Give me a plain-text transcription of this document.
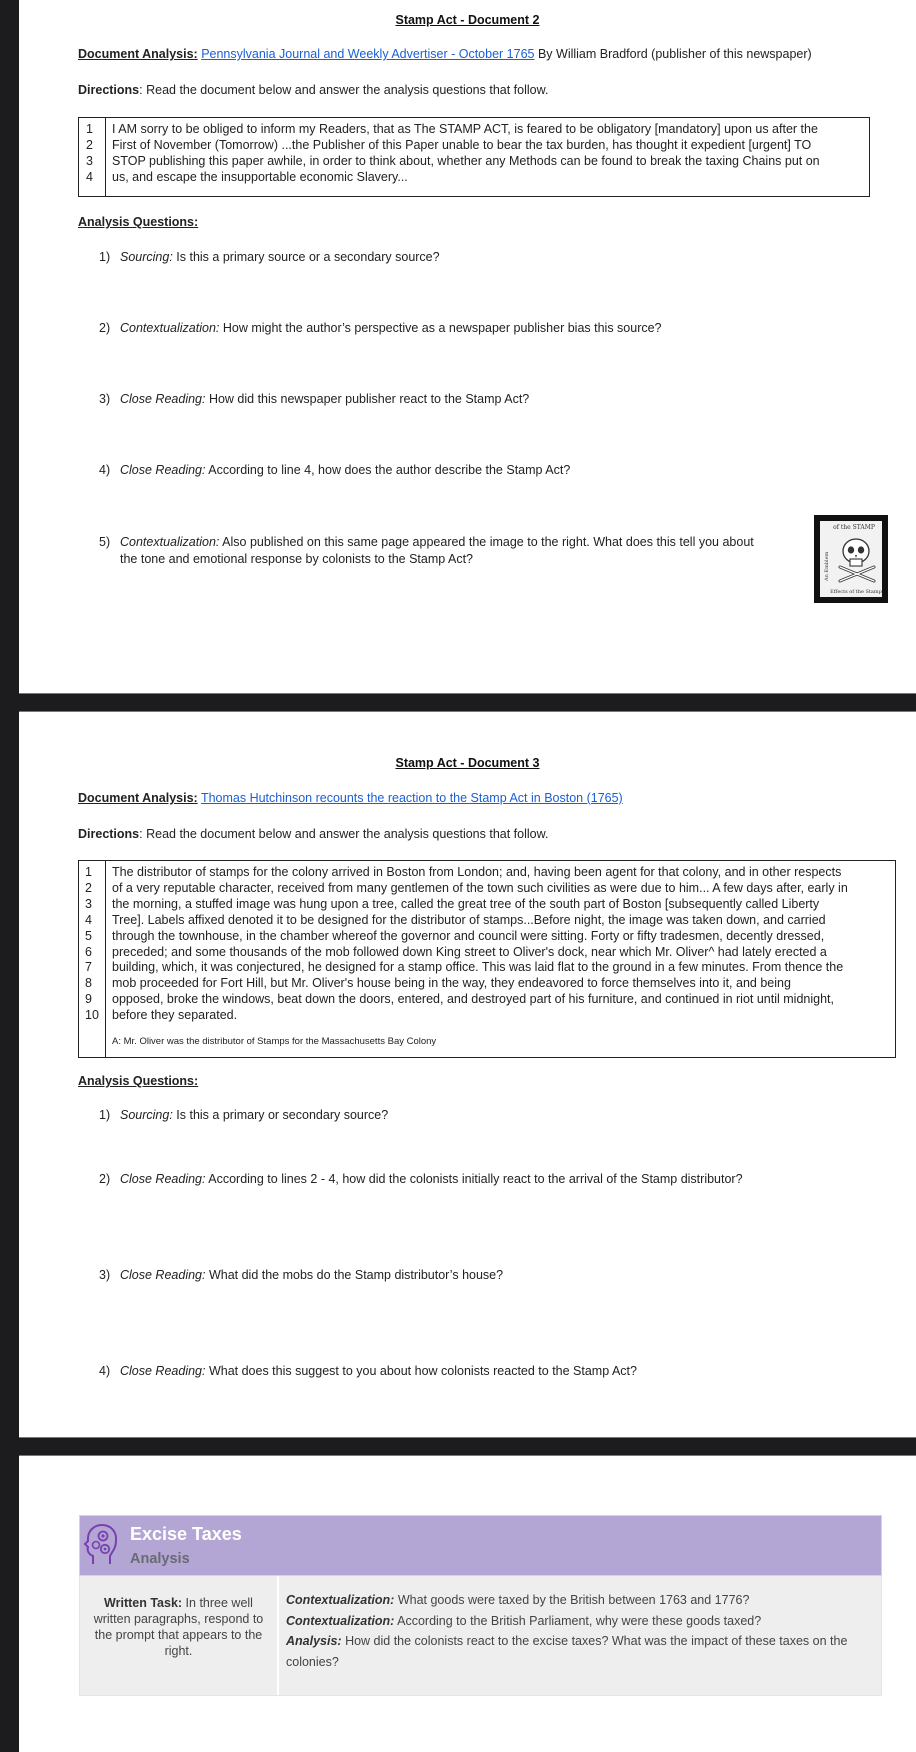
Stamp Act - Document 2
Document Analysis: Pennsylvania Journal and Weekly Advertiser - October 1765 By William Bradford (publisher of this newspaper)
Directions: Read the document below and answer the analysis questions that follow.
1
2
3
4
I AM sorry to be obliged to inform my Readers, that as The STAMP ACT, is feared to be obligatory [mandatory] upon us after the
First of November (Tomorrow) ...the Publisher of this Paper unable to bear the tax burden, has thought it expedient [urgent] TO
STOP publishing this paper awhile, in order to think about, whether any Methods can be found to break the taxing Chains put on
us, and escape the insupportable economic Slavery...
Analysis Questions:
1) Sourcing: Is this a primary source or a secondary source?
2) Contextualization: How might the author’s perspective as a newspaper publisher bias this source?
3) Close Reading: How did this newspaper publisher react to the Stamp Act?
4) Close Reading: According to line 4, how does the author describe the Stamp Act?
5) Contextualization: Also published on this same page appeared the image to the right. What does this tell you about
the tone and emotional response by colonists to the Stamp Act?
of the STAMP
An Emblem
Effects of the Stamp
Stamp Act - Document 3
Document Analysis: Thomas Hutchinson recounts the reaction to the Stamp Act in Boston (1765)
Directions: Read the document below and answer the analysis questions that follow.
1
2
3
4
5
6
7
8
9
10
The distributor of stamps for the colony arrived in Boston from London; and, having been agent for that colony, and in other respects
of a very reputable character, received from many gentlemen of the town such civilities as were due to him... A few days after, early in
the morning, a stuffed image was hung upon a tree, called the great tree of the south part of Boston [subsequently called Liberty
Tree]. Labels affixed denoted it to be designed for the distributor of stamps...Before night, the image was taken down, and carried
through the townhouse, in the chamber whereof the governor and council were sitting. Forty or fifty tradesmen, decently dressed,
preceded; and some thousands of the mob followed down King street to Oliver's dock, near which Mr. Oliver^ had lately erected a
building, which, it was conjectured, he designed for a stamp office. This was laid flat to the ground in a few minutes. From thence the
mob proceeded for Fort Hill, but Mr. Oliver's house being in the way, they endeavored to force themselves into it, and being
opposed, broke the windows, beat down the doors, entered, and destroyed part of his furniture, and continued in riot until midnight,
before they separated.
A: Mr. Oliver was the distributor of Stamps for the Massachusetts Bay Colony
Analysis Questions:
1) Sourcing: Is this a primary or secondary source?
2) Close Reading: According to lines 2 - 4, how did the colonists initially react to the arrival of the Stamp distributor?
3) Close Reading: What did the mobs do the Stamp distributor’s house?
4) Close Reading: What does this suggest to you about how colonists reacted to the Stamp Act?
Excise Taxes
Analysis
Written Task: In three well written paragraphs, respond to the prompt that appears to the right.
Contextualization: What goods were taxed by the British between 1763 and 1776?
Contextualization: According to the British Parliament, why were these goods taxed?
Analysis: How did the colonists react to the excise taxes? What was the impact of these taxes on the colonies?
